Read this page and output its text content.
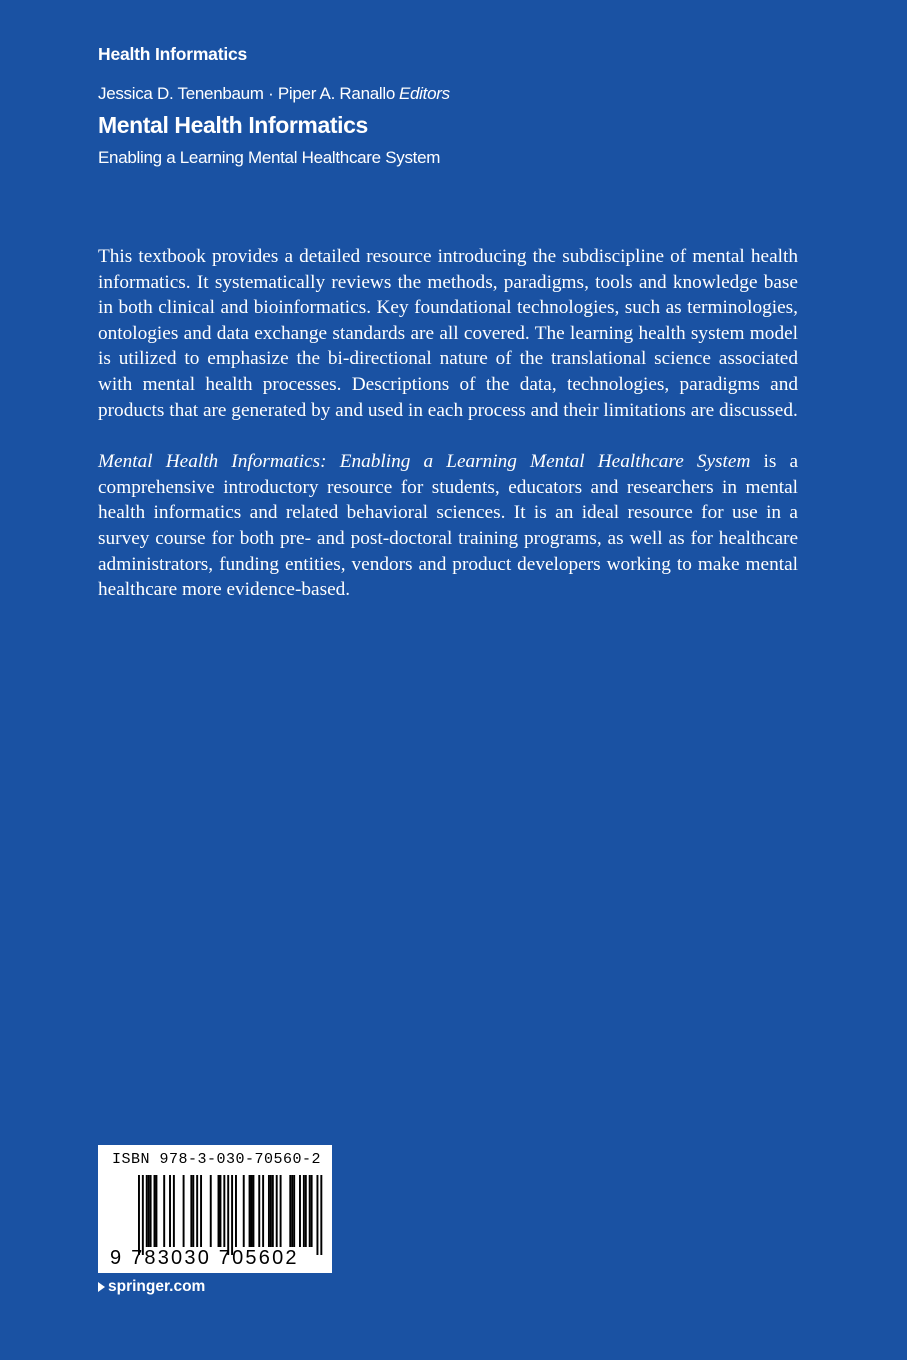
Health Informatics
Jessica D. Tenenbaum · Piper A. Ranallo Editors
Mental Health Informatics
Enabling a Learning Mental Healthcare System

This textbook provides a detailed resource introducing the subdiscipline of mental health informatics. It systematically reviews the methods, paradigms, tools and knowledge base in both clinical and bioinformatics. Key foundational technologies, such as terminologies, ontologies and data exchange standards are all covered. The learning health system model is utilized to emphasize the bi-directional nature of the translational science associated with mental health processes. Descriptions of the data, technologies, paradigms and products that are generated by and used in each process and their limitations are discussed.

Mental Health Informatics: Enabling a Learning Mental Healthcare System is a comprehensive introductory resource for students, educators and researchers in mental health informatics and related behavioral sciences. It is an ideal resource for use in a survey course for both pre- and post-doctoral training programs, as well as for healthcare administrators, funding entities, vendors and product developers working to make mental healthcare more evidence-based.

ISBN 978-3-030-70560-2
9 783030 705602
springer.com
